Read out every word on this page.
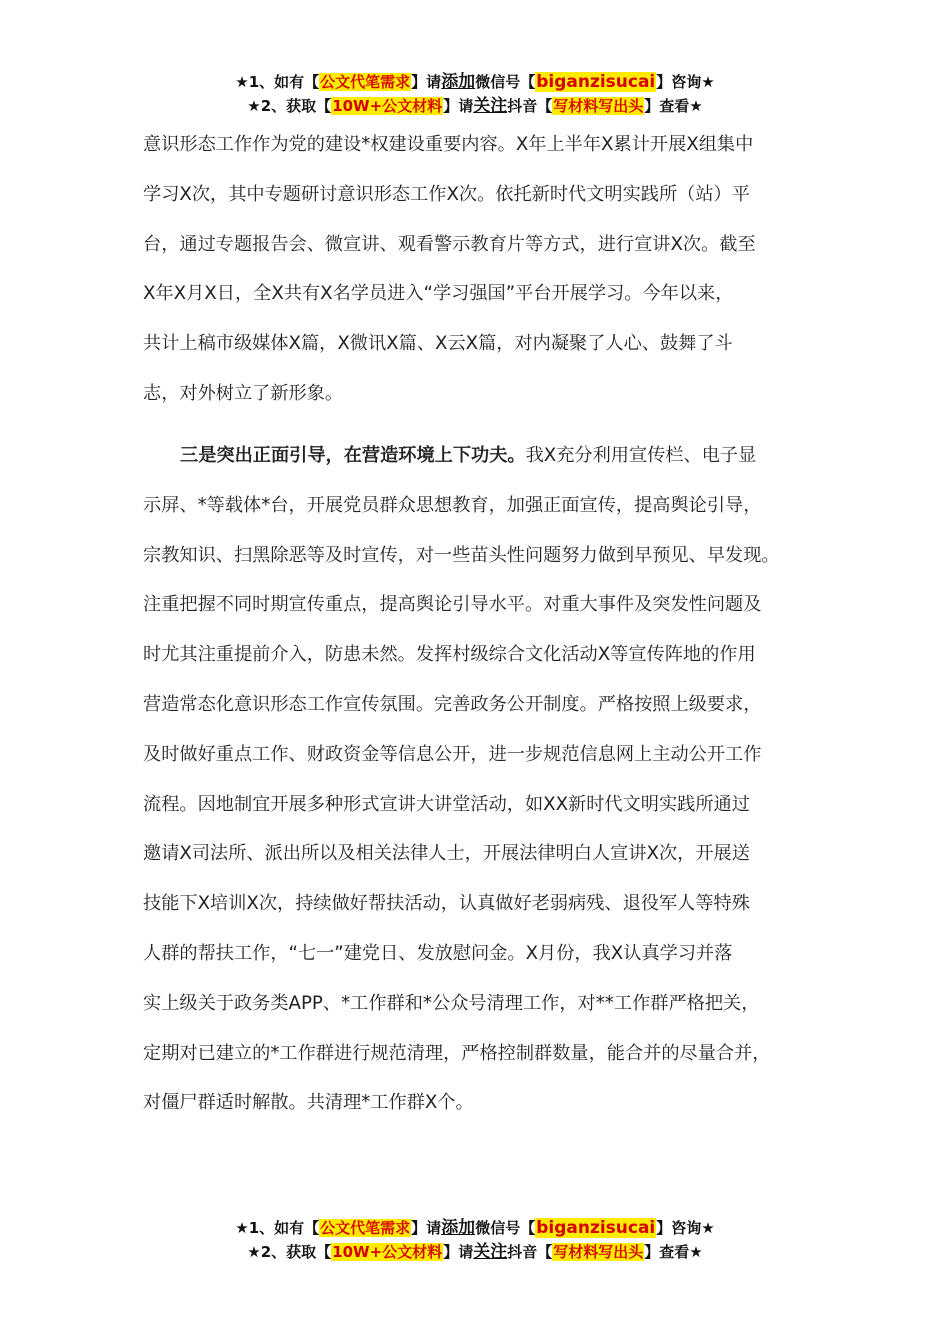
★1、如有【公文代笔需求】请添加微信号【biganzisucai】咨询★
★2、获取【10W+公文材料】请关注抖音【写材料写出头】查看★

意识形态工作作为党的建设*权建设重要内容。X年上半年X累计开展X组集中

学习X次，其中专题研讨意识形态工作X次。依托新时代文明实践所（站）平

台，通过专题报告会、微宣讲、观看警示教育片等方式，进行宣讲X次。截至

X年X月X日，全X共有X名学员进入“学习强国”平台开展学习。今年以来，

共计上稿市级媒体X篇，X微讯X篇、X云X篇，对内凝聚了人心、鼓舞了斗

志，对外树立了新形象。

三是突出正面引导，在营造环境上下功夫。我X充分利用宣传栏、电子显

示屏、*等载体*台，开展党员群众思想教育，加强正面宣传，提高舆论引导，

宗教知识、扫黑除恶等及时宣传，对一些苗头性问题努力做到早预见、早发现。

注重把握不同时期宣传重点，提高舆论引导水平。对重大事件及突发性问题及

时尤其注重提前介入，防患未然。发挥村级综合文化活动X等宣传阵地的作用

营造常态化意识形态工作宣传氛围。完善政务公开制度。严格按照上级要求，

及时做好重点工作、财政资金等信息公开，进一步规范信息网上主动公开工作

流程。因地制宜开展多种形式宣讲大讲堂活动，如XX新时代文明实践所通过

邀请X司法所、派出所以及相关法律人士，开展法律明白人宣讲X次，开展送

技能下X培训X次，持续做好帮扶活动，认真做好老弱病残、退役军人等特殊

人群的帮扶工作，“七一”建党日、发放慰问金。X月份，我X认真学习并落

实上级关于政务类APP、*工作群和*公众号清理工作，对**工作群严格把关，

定期对已建立的*工作群进行规范清理，严格控制群数量，能合并的尽量合并，

对僵尸群适时解散。共清理*工作群X个。

★1、如有【公文代笔需求】请添加微信号【biganzisucai】咨询★
★2、获取【10W+公文材料】请关注抖音【写材料写出头】查看★
